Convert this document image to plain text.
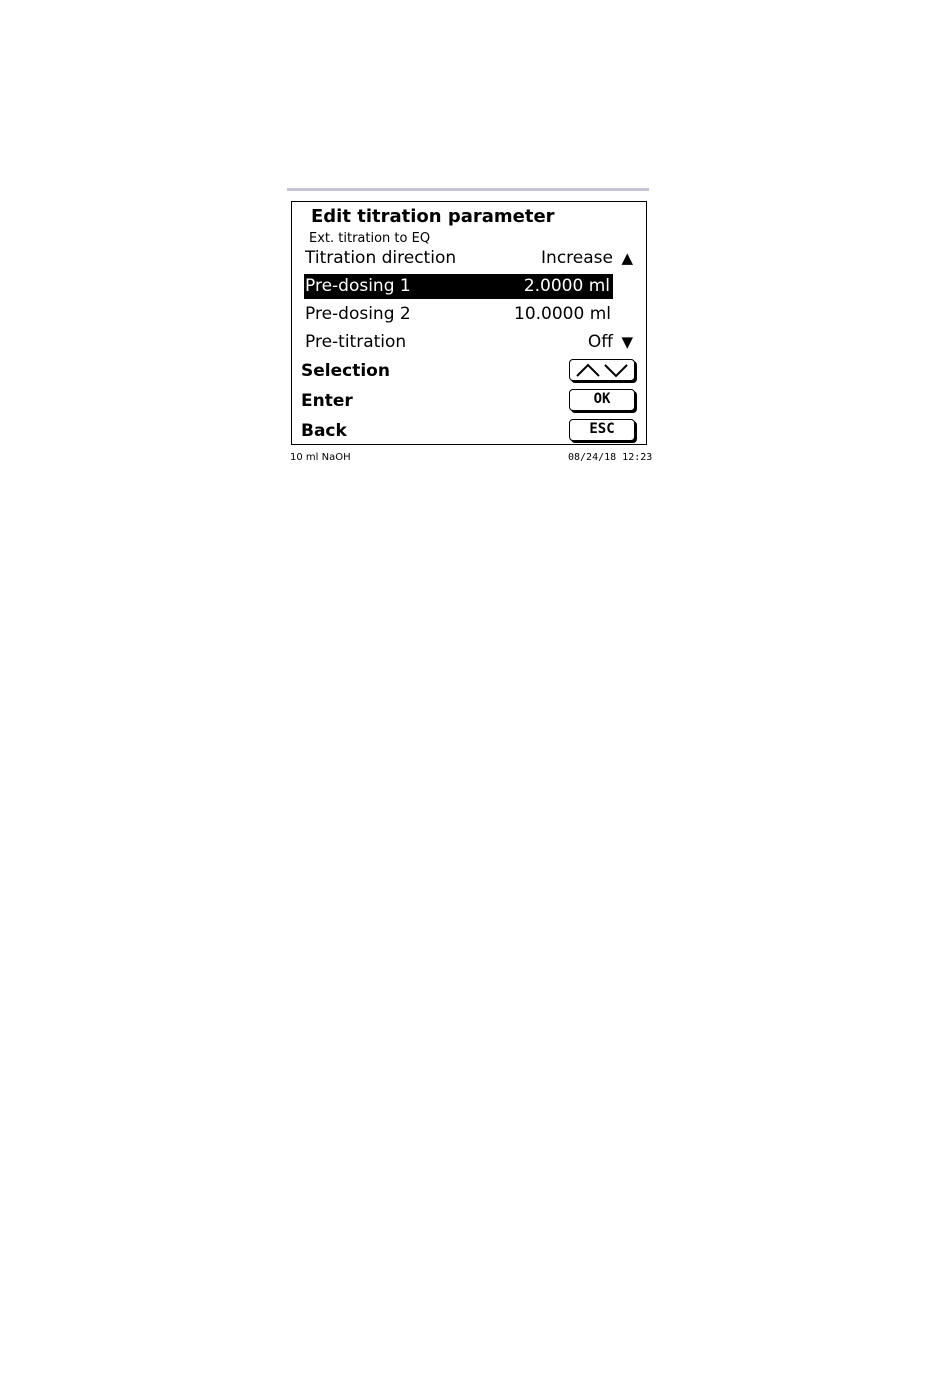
Edit titration parameter
Ext. titration to EQ
Titration direction	Increase ▲
Pre-dosing 1	2.0000 ml
Pre-dosing 2	10.0000 ml
Pre-titration	Off ▼
Selection
Enter	OK
Back	ESC
10 ml NaOH	08/24/18 12:23
